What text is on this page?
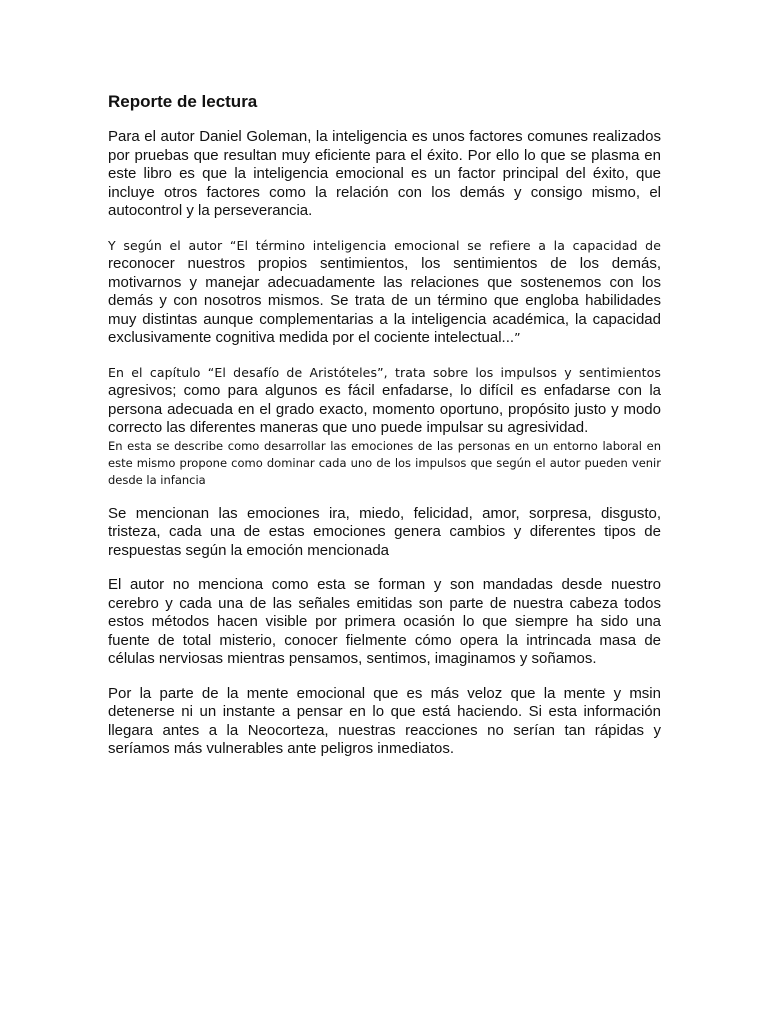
Reporte de lectura

Para el autor Daniel Goleman, la inteligencia es unos factores comunes realizados por pruebas que resultan muy eficiente para el éxito. Por ello lo que se plasma en este libro es que la inteligencia emocional es un factor principal del éxito, que incluye otros factores como la relación con los demás y consigo mismo, el autocontrol y la perseverancia.

Y según el autor “El término inteligencia emocional se refiere a la capacidad de reconocer nuestros propios sentimientos, los sentimientos de los demás, motivarnos y manejar adecuadamente las relaciones que sostenemos con los demás y con nosotros mismos. Se trata de un término que engloba habilidades muy distintas aunque complementarias a la inteligencia académica, la capacidad exclusivamente cognitiva medida por el cociente intelectual...”

En el capítulo “El desafío de Aristóteles”, trata sobre los impulsos y sentimientos agresivos; como para algunos es fácil enfadarse, lo difícil es enfadarse con la persona adecuada en el grado exacto, momento oportuno, propósito justo y modo correcto las diferentes maneras que uno puede impulsar su agresividad.
En esta se describe como desarrollar las emociones de las personas en un entorno laboral en este mismo propone como dominar cada uno de los impulsos que según el autor pueden venir desde la infancia

Se mencionan las emociones ira, miedo, felicidad, amor, sorpresa, disgusto, tristeza, cada una de estas emociones genera cambios y diferentes tipos de respuestas según la emoción mencionada

El autor no menciona como esta se forman y son mandadas desde nuestro cerebro y cada una de las señales emitidas son parte de nuestra cabeza todos estos métodos hacen visible por primera ocasión lo que siempre ha sido una fuente de total misterio, conocer fielmente cómo opera la intrincada masa de células nerviosas mientras pensamos, sentimos, imaginamos y soñamos.

Por la parte de la mente emocional que es más veloz que la mente y msin detenerse ni un instante a pensar en lo que está haciendo. Si esta información llegara antes a la Neocorteza, nuestras reacciones no serían tan rápidas y seríamos más vulnerables ante peligros inmediatos.
